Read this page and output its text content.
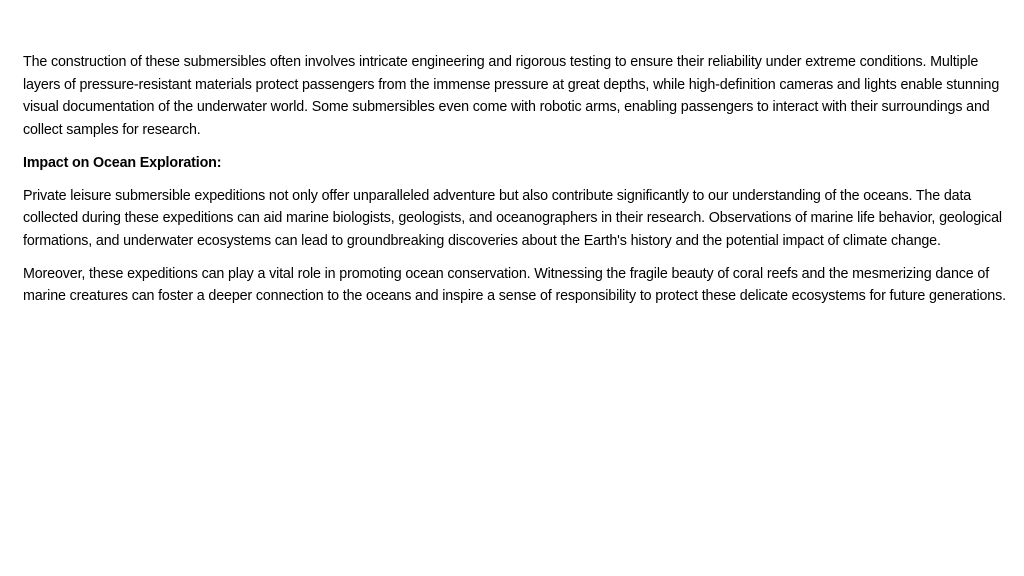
The construction of these submersibles often involves intricate engineering and rigorous testing to ensure their reliability under extreme conditions. Multiple layers of pressure-resistant materials protect passengers from the immense pressure at great depths, while high-definition cameras and lights enable stunning visual documentation of the underwater world. Some submersibles even come with robotic arms, enabling passengers to interact with their surroundings and collect samples for research.

Impact on Ocean Exploration:

Private leisure submersible expeditions not only offer unparalleled adventure but also contribute significantly to our understanding of the oceans. The data collected during these expeditions can aid marine biologists, geologists, and oceanographers in their research. Observations of marine life behavior, geological formations, and underwater ecosystems can lead to groundbreaking discoveries about the Earth's history and the potential impact of climate change.

Moreover, these expeditions can play a vital role in promoting ocean conservation. Witnessing the fragile beauty of coral reefs and the mesmerizing dance of marine creatures can foster a deeper connection to the oceans and inspire a sense of responsibility to protect these delicate ecosystems for future generations.
